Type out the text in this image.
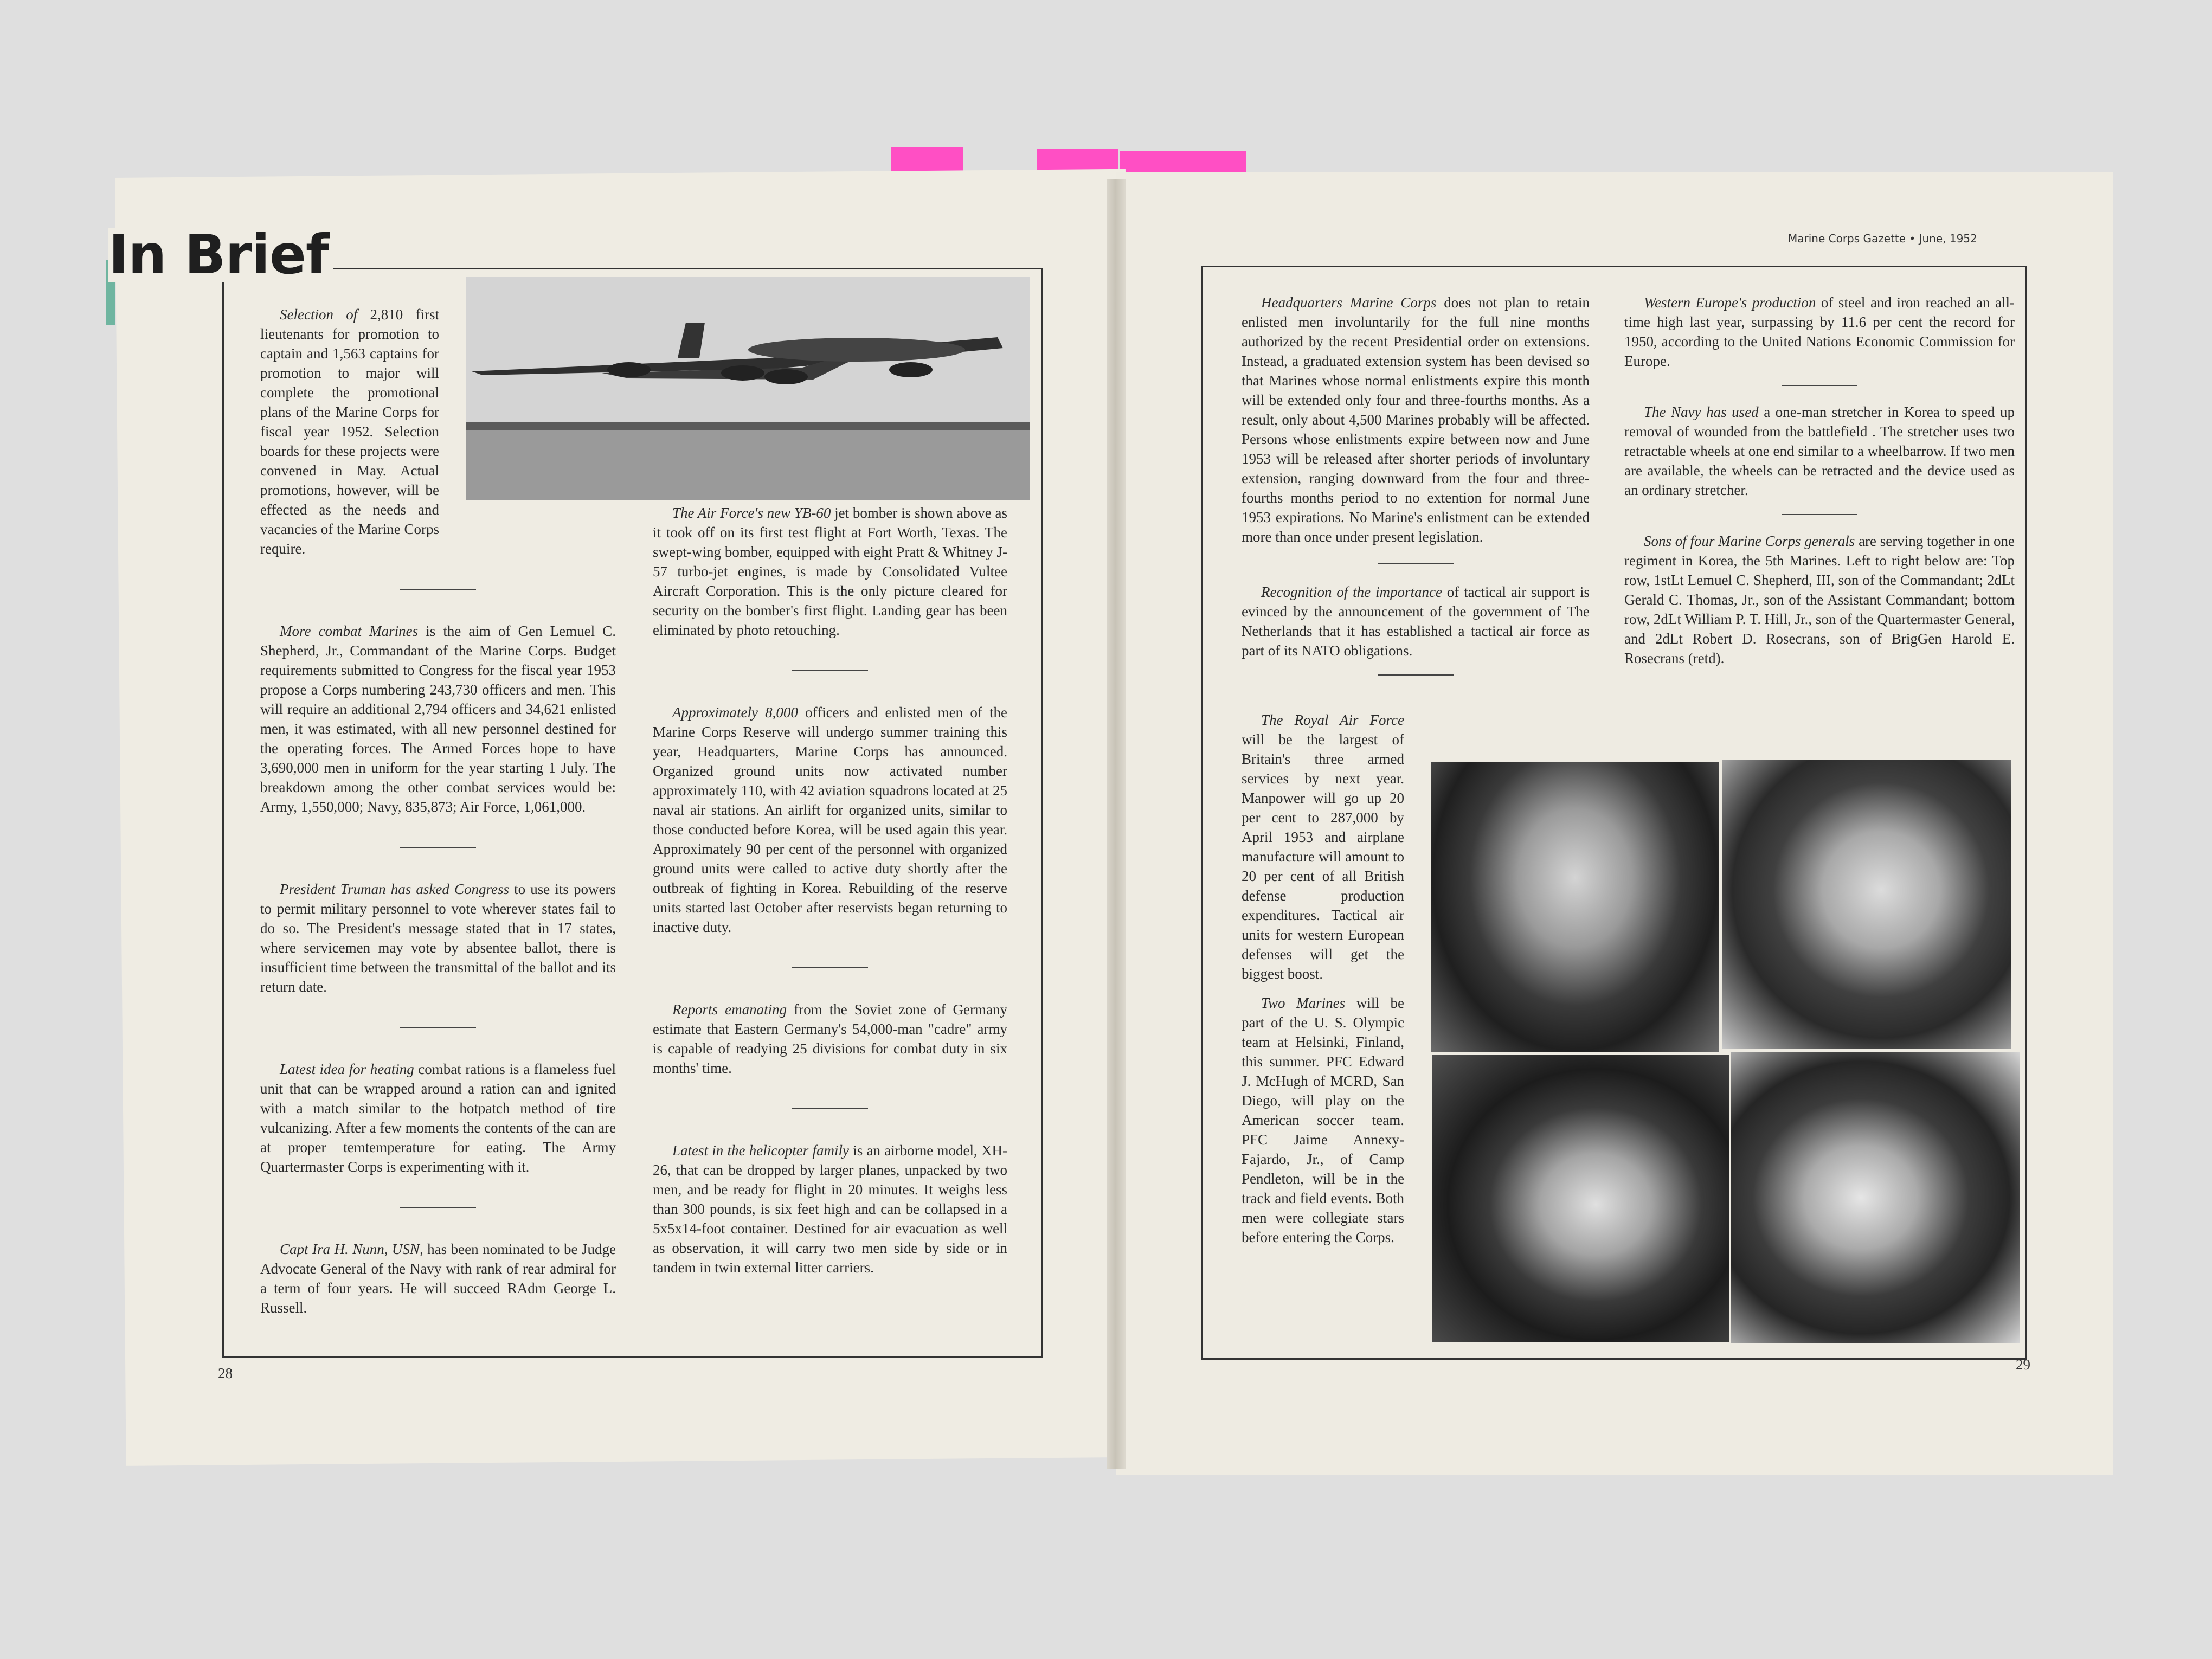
In Brief

Selection of 2,810 first lieutenants for promotion to captain and 1,563 captains for promotion to major will complete the promotional plans of the Marine Corps for fiscal year 1952. Selection boards for these projects were convened in May. Actual promotions, however, will be effected as the needs and vacancies of the Marine Corps require.

More combat Marines is the aim of Gen Lemuel C. Shepherd, Jr., Commandant of the Marine Corps. Budget requirements submitted to Congress for the fiscal year 1953 propose a Corps numbering 243,730 officers and men. This will require an additional 2,794 officers and 34,621 enlisted men, it was estimated, with all new personnel destined for the operating forces. The Armed Forces hope to have 3,690,000 men in uniform for the year starting 1 July. The breakdown among the other combat services would be: Army, 1,550,000; Navy, 835,873; Air Force, 1,061,000.

President Truman has asked Congress to use its powers to permit military personnel to vote wherever states fail to do so. The President's message stated that in 17 states, where servicemen may vote by absentee ballot, there is insufficient time between the transmittal of the ballot and its return date.

Latest idea for heating combat rations is a flameless fuel unit that can be wrapped around a ration can and ignited with a match similar to the hotpatch method of tire vulcanizing. After a few moments the contents of the can are at proper temtemperature for eating. The Army Quartermaster Corps is experimenting with it.

Capt Ira H. Nunn, USN, has been nominated to be Judge Advocate General of the Navy with rank of rear admiral for a term of four years. He will succeed RAdm George L. Russell.

The Air Force's new YB-60 jet bomber is shown above as it took off on its first test flight at Fort Worth, Texas. The swept-wing bomber, equipped with eight Pratt & Whitney J-57 turbo-jet engines, is made by Consolidated Vultee Aircraft Corporation. This is the only picture cleared for security on the bomber's first flight. Landing gear has been eliminated by photo retouching.

Approximately 8,000 officers and enlisted men of the Marine Corps Reserve will undergo summer training this year, Headquarters, Marine Corps has announced. Organized ground units now activated number approximately 110, with 42 aviation squadrons located at 25 naval air stations. An airlift for organized units, similar to those conducted before Korea, will be used again this year. Approximately 90 per cent of the personnel with organized ground units were called to active duty shortly after the outbreak of fighting in Korea. Rebuilding of the reserve units started last October after reservists began returning to inactive duty.

Reports emanating from the Soviet zone of Germany estimate that Eastern Germany's 54,000-man "cadre" army is capable of readying 25 divisions for combat duty in six months' time.

Latest in the helicopter family is an airborne model, XH-26, that can be dropped by larger planes, unpacked by two men, and be ready for flight in 20 minutes. It weighs less than 300 pounds, is six feet high and can be collapsed in a 5x5x14-foot container. Destined for air evacuation as well as observation, it will carry two men side by side or in tandem in twin external litter carriers.

28
Marine Corps Gazette • June, 1952

Headquarters Marine Corps does not plan to retain enlisted men involuntarily for the full nine months authorized by the recent Presidential order on extensions. Instead, a graduated extension system has been devised so that Marines whose normal enlistments expire this month will be extended only four and three-fourths months. As a result, only about 4,500 Marines probably will be affected. Persons whose enlistments expire between now and June 1953 will be released after shorter periods of involuntary extension, ranging downward from the four and three-fourths months period to no extention for normal June 1953 expirations. No Marine's enlistment can be extended more than once under present legislation.

Recognition of the importance of tactical air support is evinced by the announcement of the government of The Netherlands that it has established a tactical air force as part of its NATO obligations.

The Royal Air Force will be the largest of Britain's three armed services by next year. Manpower will go up 20 per cent to 287,000 by April 1953 and airplane manufacture will amount to 20 per cent of all British defense production expenditures. Tactical air units for western European defenses will get the biggest boost.

Two Marines will be part of the U. S. Olympic team at Helsinki, Finland, this summer. PFC Edward J. McHugh of MCRD, San Diego, will play on the American soccer team. PFC Jaime Annexy-Fajardo, Jr., of Camp Pendleton, will be in the track and field events. Both men were collegiate stars before entering the Corps.

Western Europe's production of steel and iron reached an all-time high last year, surpassing by 11.6 per cent the record for 1950, according to the United Nations Economic Commission for Europe.

The Navy has used a one-man stretcher in Korea to speed up removal of wounded from the battlefield . The stretcher uses two retractable wheels at one end similar to a wheelbarrow. If two men are available, the wheels can be retracted and the device used as an ordinary stretcher.

Sons of four Marine Corps generals are serving together in one regiment in Korea, the 5th Marines. Left to right below are: Top row, 1stLt Lemuel C. Shepherd, III, son of the Commandant; 2dLt Gerald C. Thomas, Jr., son of the Assistant Commandant; bottom row, 2dLt William P. T. Hill, Jr., son of the Quartermaster General, and 2dLt Robert D. Rosecrans, son of BrigGen Harold E. Rosecrans (retd).

29
